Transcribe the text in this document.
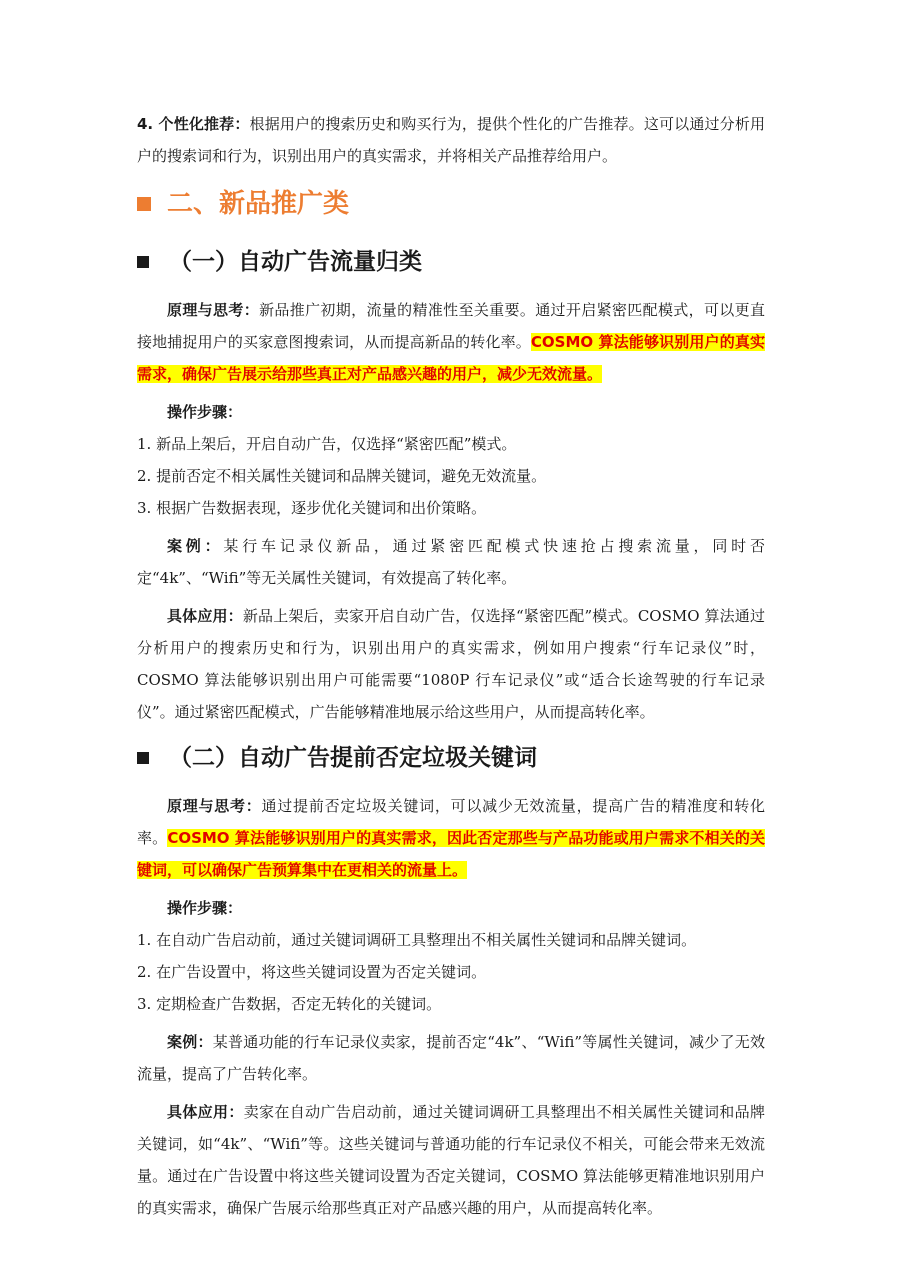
4. 个性化推荐：根据用户的搜索历史和购买行为，提供个性化的广告推荐。这可以通过分析用户的搜索词和行为，识别出用户的真实需求，并将相关产品推荐给用户。

二、新品推广类
（一）自动广告流量归类

原理与思考：新品推广初期，流量的精准性至关重要。通过开启紧密匹配模式，可以更直接地捕捉用户的买家意图搜索词，从而提高新品的转化率。COSMO 算法能够识别用户的真实需求，确保广告展示给那些真正对产品感兴趣的用户，减少无效流量。

操作步骤：

1. 新品上架后，开启自动广告，仅选择“紧密匹配”模式。

2. 提前否定不相关属性关键词和品牌关键词，避免无效流量。

3. 根据广告数据表现，逐步优化关键词和出价策略。

案例：某行车记录仪新品，通过紧密匹配模式快速抢占搜索流量，同时否定“4k”、“Wifi”等无关属性关键词，有效提高了转化率。

具体应用：新品上架后，卖家开启自动广告，仅选择“紧密匹配”模式。COSMO 算法通过分析用户的搜索历史和行为，识别出用户的真实需求，例如用户搜索“行车记录仪”时，COSMO 算法能够识别出用户可能需要“1080P 行车记录仪”或“适合长途驾驶的行车记录仪”。通过紧密匹配模式，广告能够精准地展示给这些用户，从而提高转化率。

（二）自动广告提前否定垃圾关键词

原理与思考：通过提前否定垃圾关键词，可以减少无效流量，提高广告的精准度和转化率。COSMO 算法能够识别用户的真实需求，因此否定那些与产品功能或用户需求不相关的关键词，可以确保广告预算集中在更相关的流量上。

操作步骤：

1. 在自动广告启动前，通过关键词调研工具整理出不相关属性关键词和品牌关键词。

2. 在广告设置中，将这些关键词设置为否定关键词。

3. 定期检查广告数据，否定无转化的关键词。

案例：某普通功能的行车记录仪卖家，提前否定“4k”、“Wifi”等属性关键词，减少了无效流量，提高了广告转化率。

具体应用：卖家在自动广告启动前，通过关键词调研工具整理出不相关属性关键词和品牌关键词，如“4k”、“Wifi”等。这些关键词与普通功能的行车记录仪不相关，可能会带来无效流量。通过在广告设置中将这些关键词设置为否定关键词，COSMO 算法能够更精准地识别用户的真实需求，确保广告展示给那些真正对产品感兴趣的用户，从而提高转化率。
